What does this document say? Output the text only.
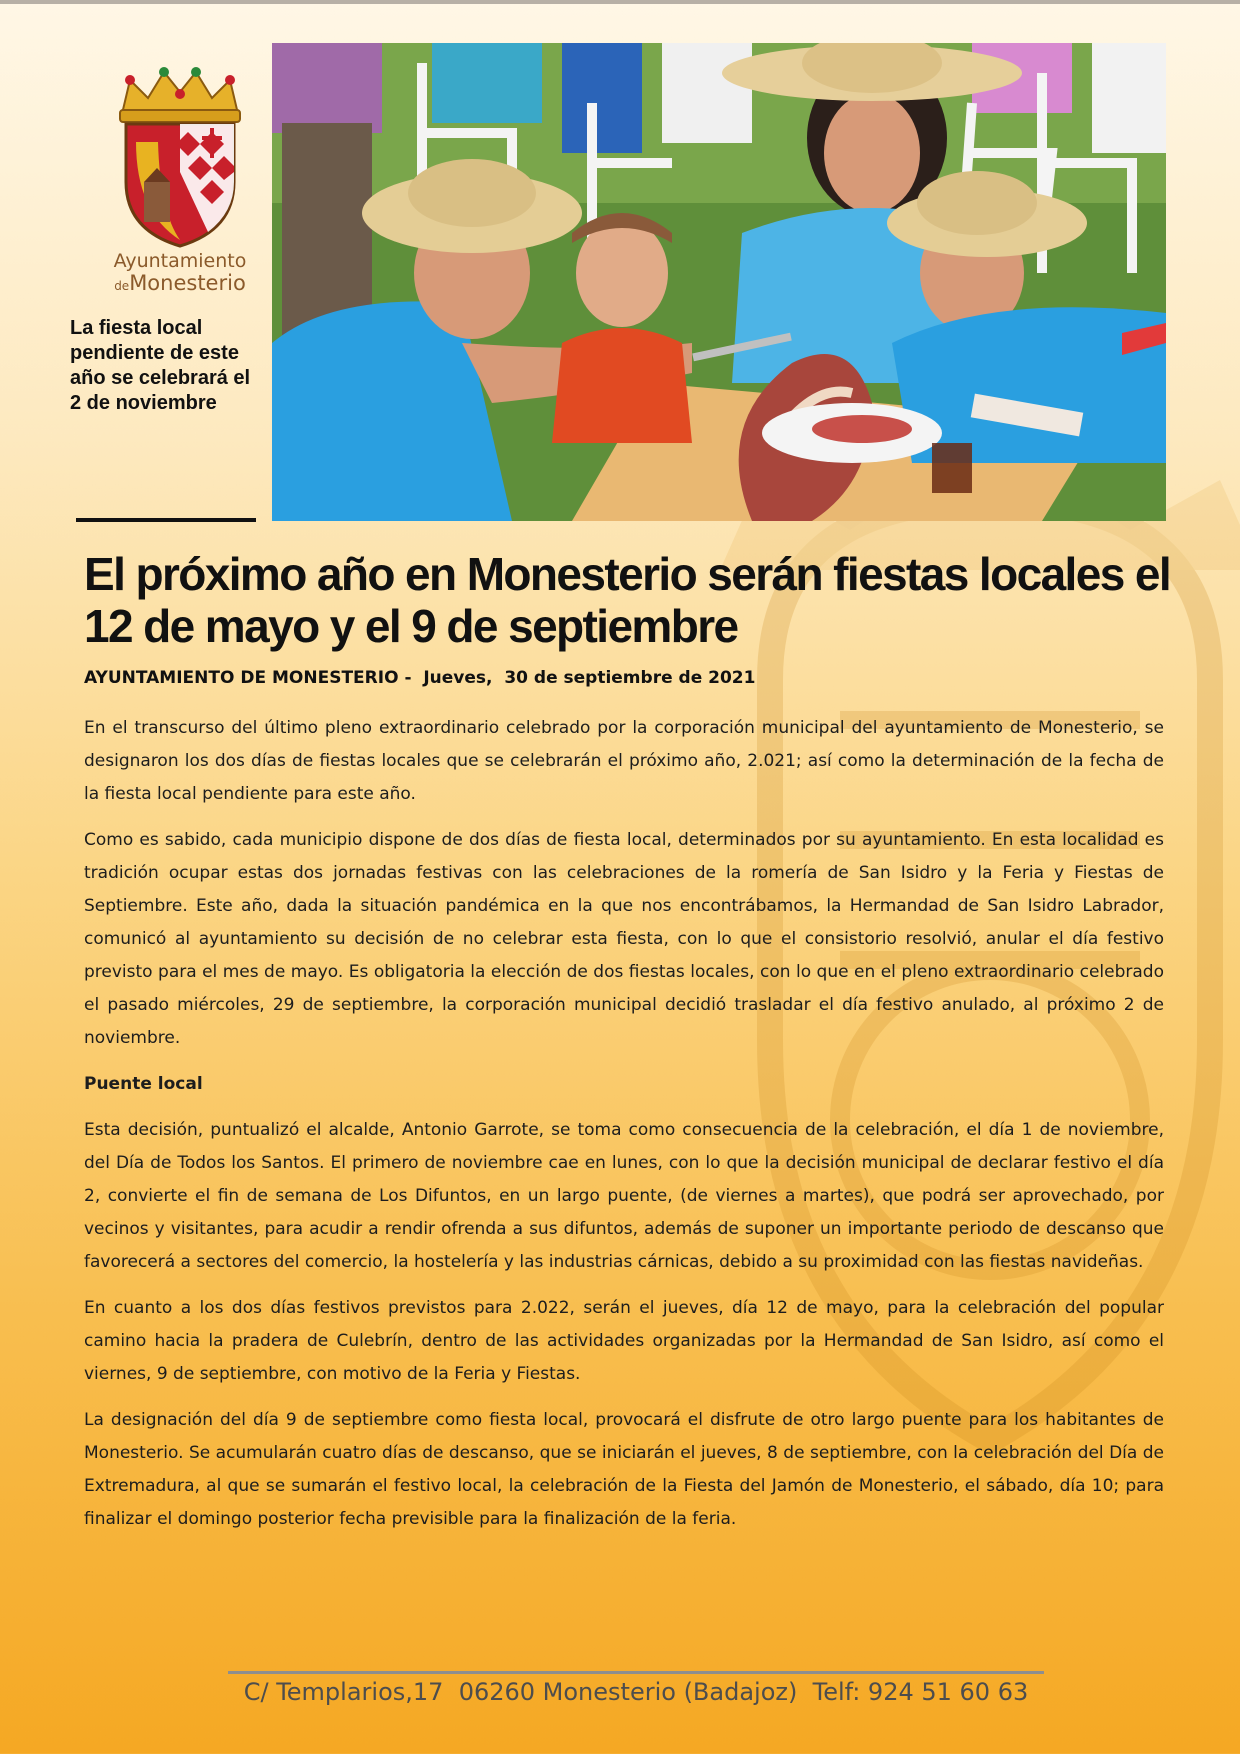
Ayuntamiento
deMonesterio
La fiesta local pendiente de este año se celebrará el 2 de noviembre
El próximo año en Monesterio serán fiestas locales el 12 de mayo y el 9 de septiembre
AYUNTAMIENTO DE MONESTERIO -  Jueves,  30 de septiembre de 2021

En el transcurso del último pleno extraordinario celebrado por la corporación municipal del ayuntamiento de Monesterio, se designaron los dos días de fiestas locales que se celebrarán el próximo año, 2.021; así como la determinación de la fecha de la fiesta local pendiente para este año.

Como es sabido, cada municipio dispone de dos días de fiesta local, determinados por su ayuntamiento. En esta localidad es tradición ocupar estas dos jornadas festivas con las celebraciones de la romería de San Isidro y la Feria y Fiestas de Septiembre. Este año, dada la situación pandémica en la que nos encontrábamos, la Hermandad de San Isidro Labrador, comunicó al ayuntamiento su decisión de no celebrar esta fiesta, con lo que el consistorio resolvió, anular el día festivo previsto para el mes de mayo. Es obligatoria la elección de dos fiestas locales, con lo que en el pleno extraordinario celebrado el pasado miércoles, 29 de septiembre, la corporación municipal decidió trasladar el día festivo anulado, al próximo 2 de noviembre.

Puente local

Esta decisión, puntualizó el alcalde, Antonio Garrote, se toma como consecuencia de la celebración, el día 1 de noviembre, del Día de Todos los Santos. El primero de noviembre cae en lunes, con lo que la decisión municipal de declarar festivo el día 2, convierte el fin de semana de Los Difuntos, en un largo puente, (de viernes a martes), que podrá ser aprovechado, por vecinos y visitantes, para acudir a rendir ofrenda a sus difuntos, además de suponer un importante periodo de descanso que favorecerá a sectores del comercio, la hostelería y las industrias cárnicas, debido a su proximidad con las fiestas navideñas.

En cuanto a los dos días festivos previstos para 2.022, serán el jueves, día 12 de mayo, para la celebración del popular camino hacia la pradera de Culebrín, dentro de las actividades organizadas por la Hermandad de San Isidro, así como el viernes, 9 de septiembre, con motivo de la Feria y Fiestas.

La designación del día 9 de septiembre como fiesta local, provocará el disfrute de otro largo puente para los habitantes de Monesterio. Se acumularán cuatro días de descanso, que se iniciarán el jueves, 8 de septiembre, con la celebración del Día de Extremadura, al que se sumarán el festivo local, la celebración de la Fiesta del Jamón de Monesterio, el sábado, día 10; para finalizar el domingo posterior fecha previsible para la finalización de la feria.

C/ Templarios,17  06260 Monesterio (Badajoz)  Telf: 924 51 60 63
